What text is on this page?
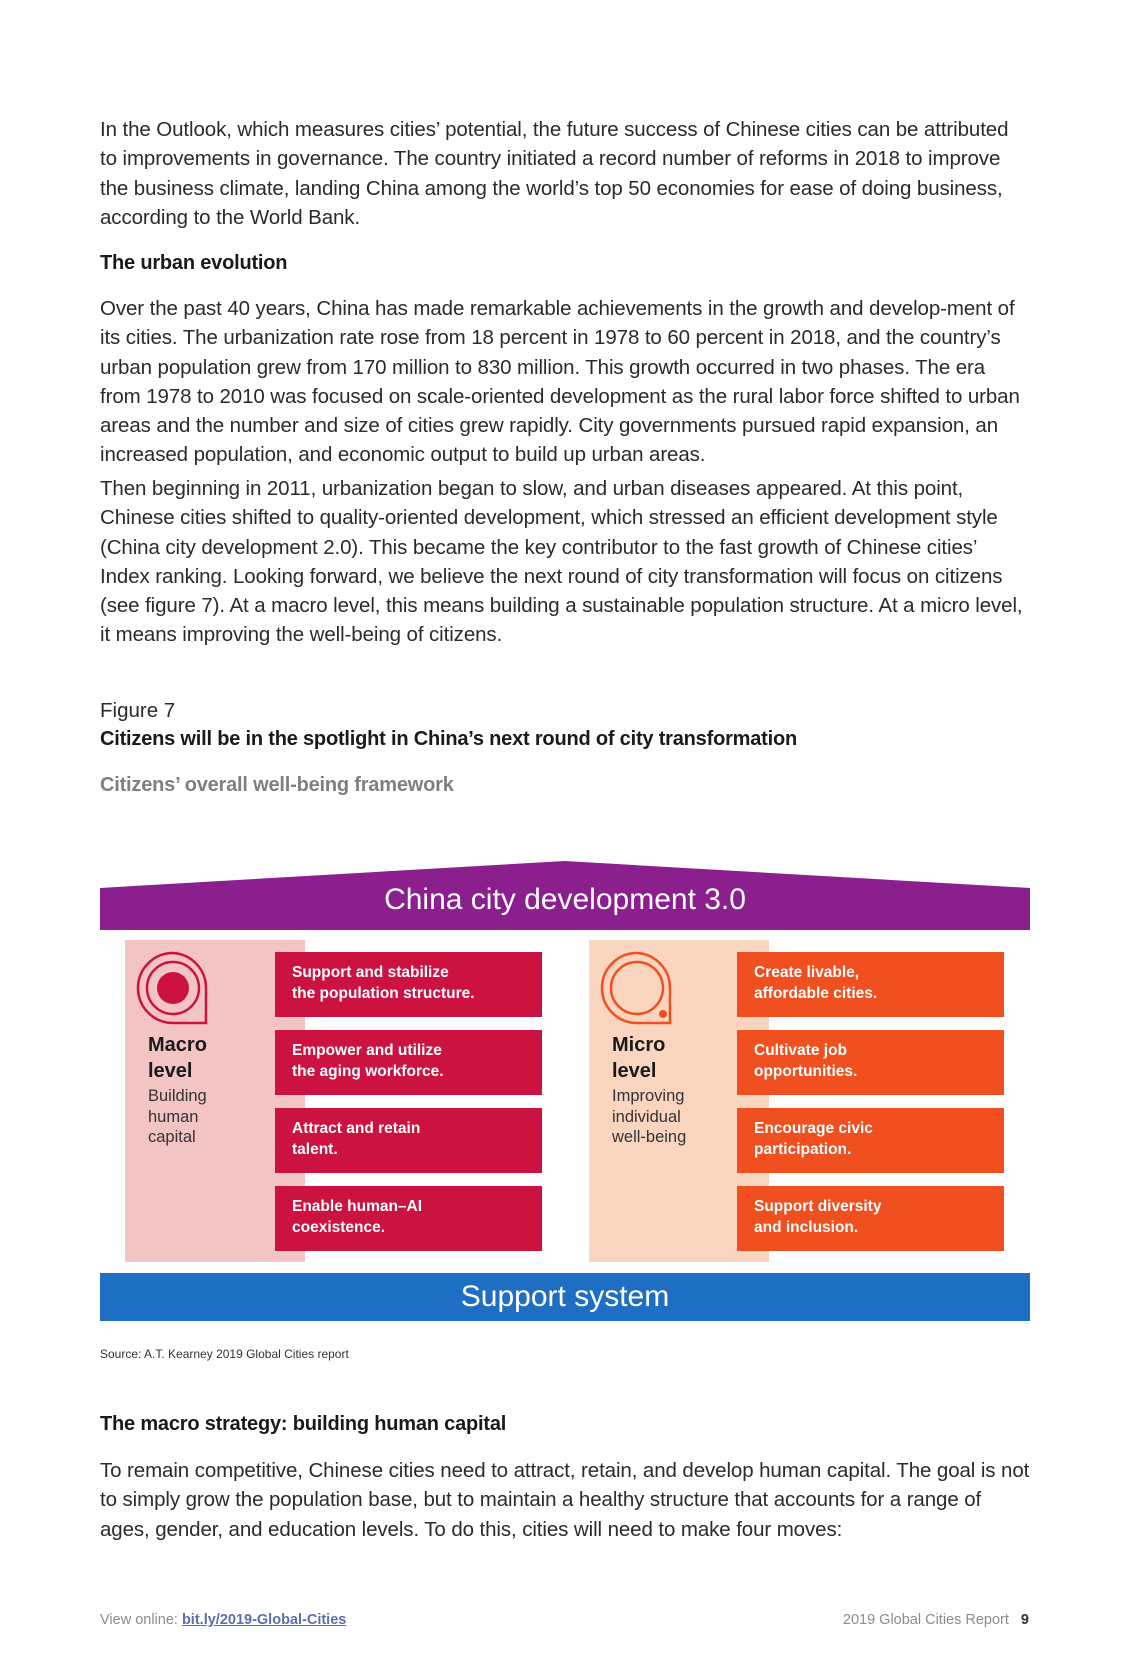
In the Outlook, which measures cities’ potential, the future success of Chinese cities can be attributed to improvements in governance. The country initiated a record number of reforms in 2018 to improve the business climate, landing China among the world’s top 50 economies for ease of doing business, according to the World Bank.

The urban evolution

Over the past 40 years, China has made remarkable achievements in the growth and develop-ment of its cities. The urbanization rate rose from 18 percent in 1978 to 60 percent in 2018, and the country’s urban population grew from 170 million to 830 million. This growth occurred in two phases. The era from 1978 to 2010 was focused on scale-oriented development as the rural labor force shifted to urban areas and the number and size of cities grew rapidly. City governments pursued rapid expansion, an increased population, and economic output to build up urban areas.

Then beginning in 2011, urbanization began to slow, and urban diseases appeared. At this point, Chinese cities shifted to quality-oriented development, which stressed an efficient development style (China city development 2.0). This became the key contributor to the fast growth of Chinese cities’ Index ranking. Looking forward, we believe the next round of city transformation will focus on citizens (see figure 7). At a macro level, this means building a sustainable population structure. At a micro level, it means improving the well-being of citizens.

Figure 7

Citizens will be in the spotlight in China’s next round of city transformation

Citizens’ overall well-being framework

China city development 3.0
Macro
level
Building
human
capital
Support and stabilize
the population structure.
Empower and utilize
the aging workforce.
Attract and retain
talent.
Enable human–AI
coexistence.
Micro
level
Improving
individual
well-being
Create livable,
affordable cities.
Cultivate job
opportunities.
Encourage civic
participation.
Support diversity
and inclusion.
Support system
Source: A.T. Kearney 2019 Global Cities report

The macro strategy: building human capital

To remain competitive, Chinese cities need to attract, retain, and develop human capital. The goal is not to simply grow the population base, but to maintain a healthy structure that accounts for a range of ages, gender, and education levels. To do this, cities will need to make four moves:

View online: bit.ly/2019-Global-Cities	2019 Global Cities Report 9
